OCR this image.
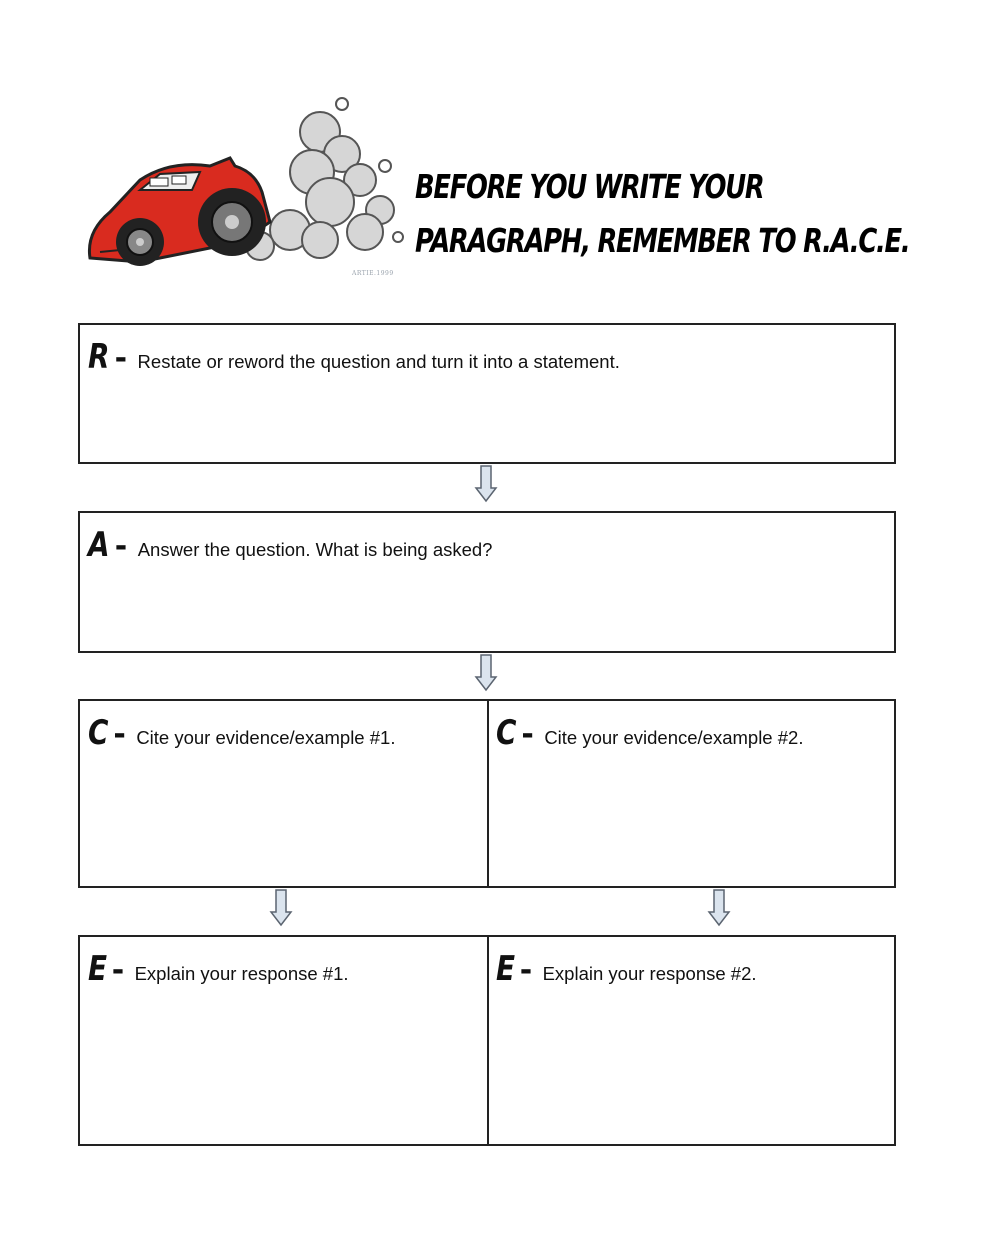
ARTIE.1999
BEFORE YOU WRITE YOUR
PARAGRAPH, REMEMBER TO R.A.C.E.
R - Restate or reword the question and turn it into a statement.
A - Answer the question. What is being asked?
C - Cite your evidence/example #1.	C - Cite your evidence/example #2.
E - Explain your response #1.	E - Explain your response #2.
